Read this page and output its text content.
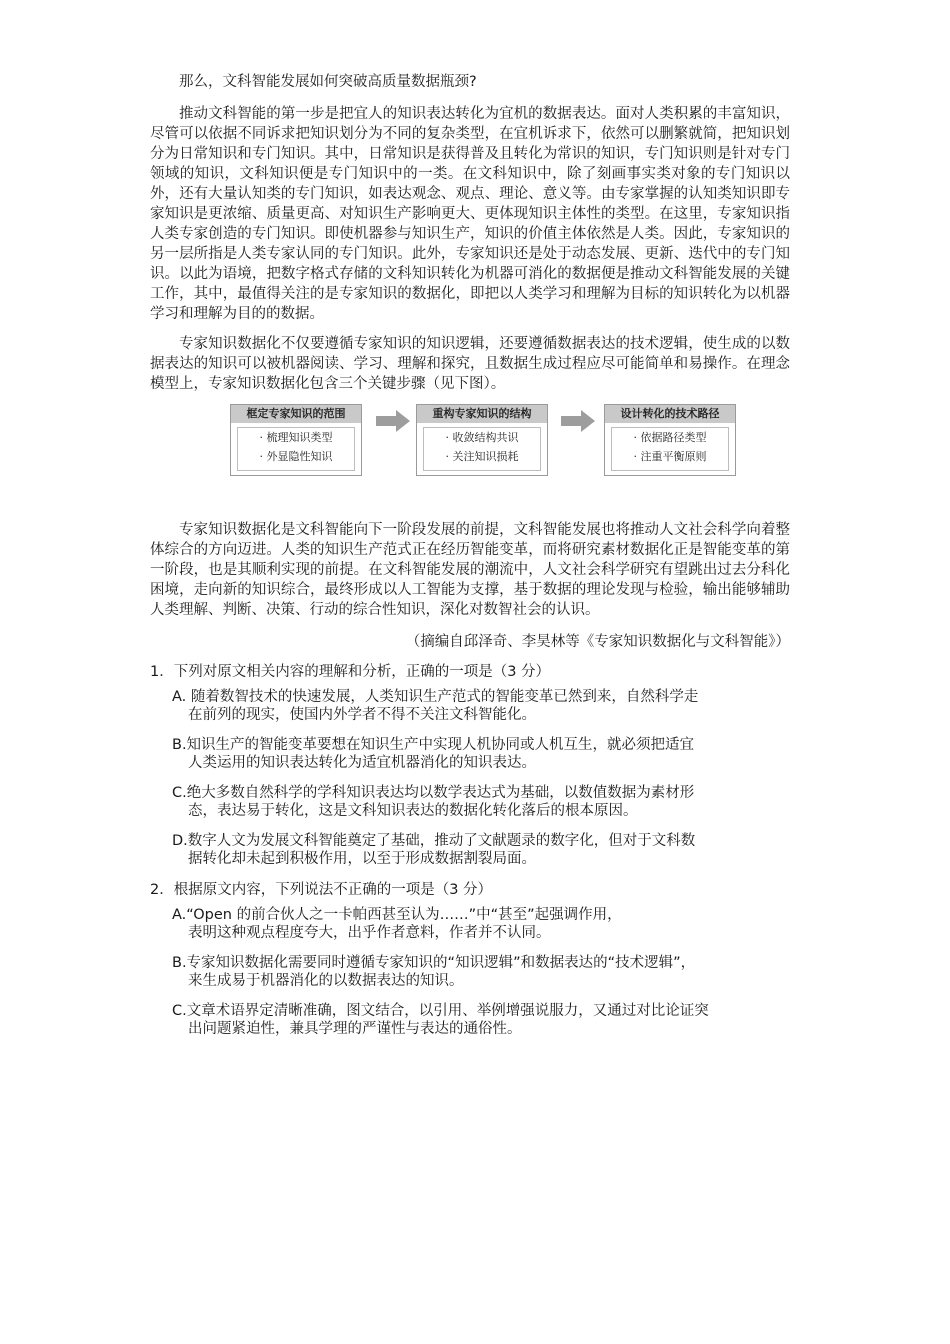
那么，文科智能发展如何突破高质量数据瓶颈?

推动文科智能的第一步是把宜人的知识表达转化为宜机的数据表达。面对人类积累的丰富知识，尽管可以依据不同诉求把知识划分为不同的复杂类型，在宜机诉求下，依然可以删繁就简，把知识划分为日常知识和专门知识。其中，日常知识是获得普及且转化为常识的知识，专门知识则是针对专门领域的知识，文科知识便是专门知识中的一类。在文科知识中，除了刻画事实类对象的专门知识以外，还有大量认知类的专门知识，如表达观念、观点、理论、意义等。由专家掌握的认知类知识即专家知识是更浓缩、质量更高、对知识生产影响更大、更体现知识主体性的类型。在这里，专家知识指人类专家创造的专门知识。即使机器参与知识生产，知识的价值主体依然是人类。因此，专家知识的另一层所指是人类专家认同的专门知识。此外，专家知识还是处于动态发展、更新、迭代中的专门知识。以此为语境，把数字格式存储的文科知识转化为机器可消化的数据便是推动文科智能发展的关键工作，其中，最值得关注的是专家知识的数据化，即把以人类学习和理解为目标的知识转化为以机器学习和理解为目的的数据。

专家知识数据化不仅要遵循专家知识的知识逻辑，还要遵循数据表达的技术逻辑，使生成的以数据表达的知识可以被机器阅读、学习、理解和探究，且数据生成过程应尽可能简单和易操作。在理念模型上，专家知识数据化包含三个关键步骤（见下图）。

框定专家知识的范围
· 梳理知识类型
· 外显隐性知识
重构专家知识的结构
· 收敛结构共识
· 关注知识损耗
设计转化的技术路径
· 依据路径类型
· 注重平衡原则

专家知识数据化是文科智能向下一阶段发展的前提，文科智能发展也将推动人文社会科学向着整体综合的方向迈进。人类的知识生产范式正在经历智能变革，而将研究素材数据化正是智能变革的第一阶段，也是其顺利实现的前提。在文科智能发展的潮流中，人文社会科学研究有望跳出过去分科化困境，走向新的知识综合，最终形成以人工智能为支撑，基于数据的理论发现与检验，输出能够辅助人类理解、判断、决策、行动的综合性知识，深化对数智社会的认识。

（摘编自邱泽奇、李昊林等《专家知识数据化与文科智能》）
1．下列对原文相关内容的理解和分析，正确的一项是（3 分）
A. 随着数智技术的快速发展，人类知识生产范式的智能变革已然到来，自然科学走
在前列的现实，使国内外学者不得不关注文科智能化。
B.知识生产的智能变革要想在知识生产中实现人机协同或人机互生，就必须把适宜
人类运用的知识表达转化为适宜机器消化的知识表达。
C.绝大多数自然科学的学科知识表达均以数学表达式为基础，以数值数据为素材形
态，表达易于转化，这是文科知识表达的数据化转化落后的根本原因。
D.数字人文为发展文科智能奠定了基础，推动了文献题录的数字化，但对于文科数
据转化却未起到积极作用，以至于形成数据割裂局面。
2．根据原文内容，下列说法不正确的一项是（3 分）
A.“Open 的前合伙人之一卡帕西甚至认为……”中“甚至”起强调作用，
表明这种观点程度夸大，出乎作者意料，作者并不认同。
B.专家知识数据化需要同时遵循专家知识的“知识逻辑”和数据表达的“技术逻辑”，
来生成易于机器消化的以数据表达的知识。
C.文章术语界定清晰准确，图文结合，以引用、举例增强说服力，又通过对比论证突
出问题紧迫性，兼具学理的严谨性与表达的通俗性。
